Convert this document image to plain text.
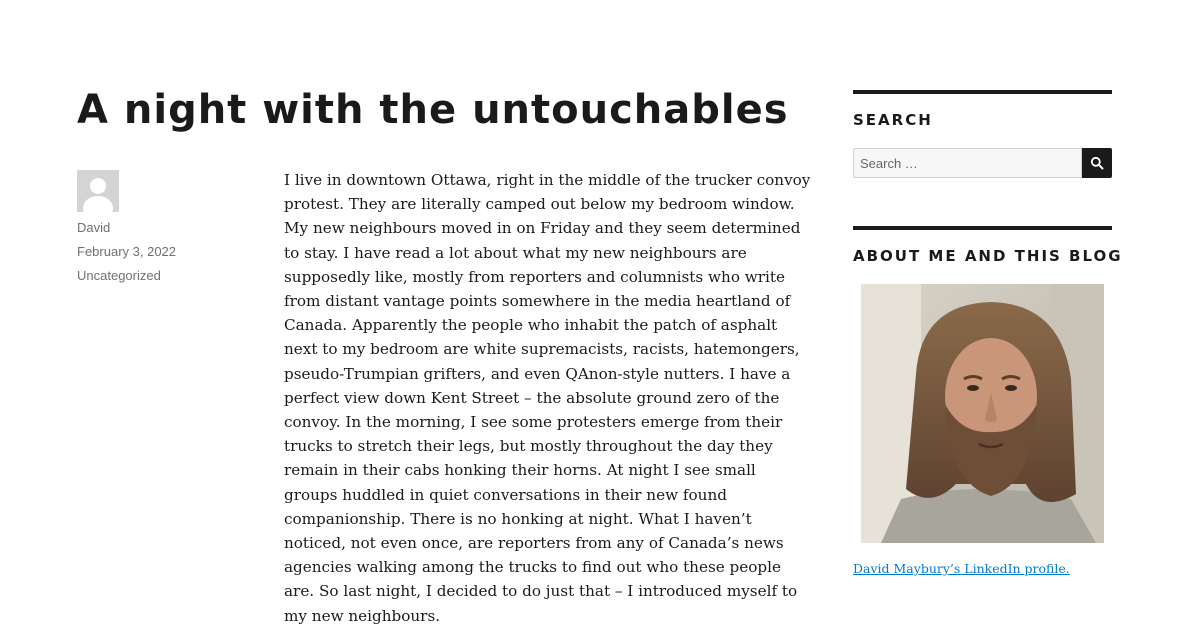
A night with the untouchables
David
February 3, 2022
Uncategorized

I live in downtown Ottawa, right in the middle of the trucker convoy protest. They are literally camped out below my bedroom window. My new neighbours moved in on Friday and they seem determined to stay. I have read a lot about what my new neighbours are supposedly like, mostly from reporters and columnists who write from distant vantage points somewhere in the media heartland of Canada. Apparently the people who inhabit the patch of asphalt next to my bedroom are white supremacists, racists, hatemongers, pseudo-Trumpian grifters, and even QAnon-style nutters. I have a perfect view down Kent Street – the absolute ground zero of the convoy. In the morning, I see some protesters emerge from their trucks to stretch their legs, but mostly throughout the day they remain in their cabs honking their horns. At night I see small groups huddled in quiet conversations in their new found companionship. There is no honking at night. What I haven’t noticed, not even once, are reporters from any of Canada’s news agencies walking among the trucks to find out who these people are. So last night, I decided to do just that – I introduced myself to my new neighbours.

SEARCH
Search …
ABOUT ME AND THIS BLOG
David Maybury’s LinkedIn profile.
